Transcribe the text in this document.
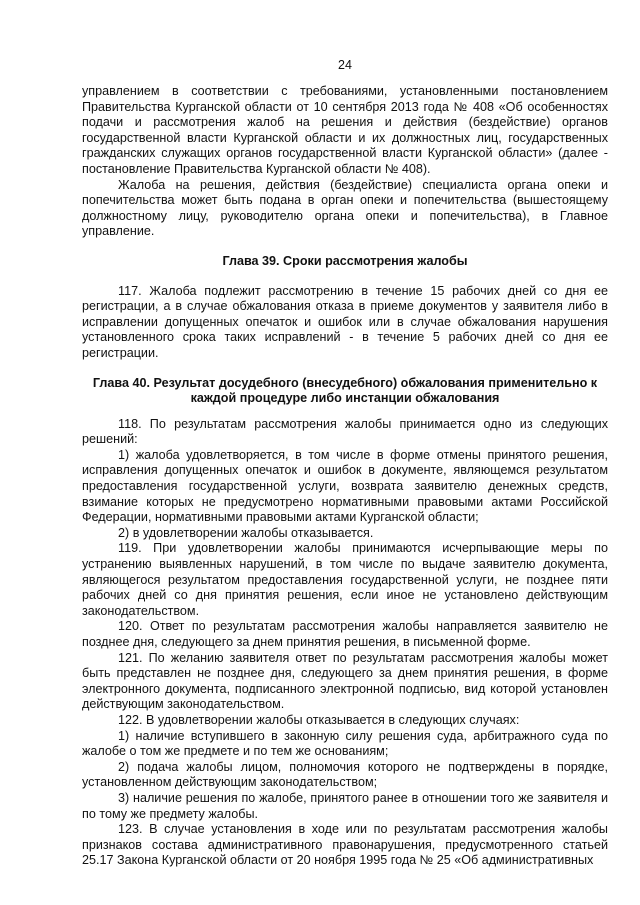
24

управлением в соответствии с требованиями, установленными постановлением Правительства Курганской области от 10 сентября 2013 года № 408 «Об особенностях подачи и рассмотрения жалоб на решения и действия (бездействие) органов государственной власти Курганской области и их должностных лиц, государственных гражданских служащих органов государственной власти Курганской области» (далее - постановление Правительства Курганской области № 408).

Жалоба на решения, действия (бездействие) специалиста органа опеки и попечительства может быть подана в орган опеки и попечительства (вышестоящему должностному лицу, руководителю органа опеки и попечительства), в Главное управление.

Глава 39. Сроки рассмотрения жалобы

117. Жалоба подлежит рассмотрению в течение 15 рабочих дней со дня ее регистрации, а в случае обжалования отказа в приеме документов у заявителя либо в исправлении допущенных опечаток и ошибок или в случае обжалования нарушения установленного срока таких исправлений - в течение 5 рабочих дней со дня ее регистрации.

Глава 40. Результат досудебного (внесудебного) обжалования применительно к каждой процедуре либо инстанции обжалования

118. По результатам рассмотрения жалобы принимается одно из следующих решений:

1) жалоба удовлетворяется, в том числе в форме отмены принятого решения, исправления допущенных опечаток и ошибок в документе, являющемся результатом предоставления государственной услуги, возврата заявителю денежных средств, взимание которых не предусмотрено нормативными правовыми актами Российской Федерации, нормативными правовыми актами Курганской области;

2) в удовлетворении жалобы отказывается.

119. При удовлетворении жалобы принимаются исчерпывающие меры по устранению выявленных нарушений, в том числе по выдаче заявителю документа, являющегося результатом предоставления государственной услуги, не позднее пяти рабочих дней со дня принятия решения, если иное не установлено действующим законодательством.

120. Ответ по результатам рассмотрения жалобы направляется заявителю не позднее дня, следующего за днем принятия решения, в письменной форме.

121. По желанию заявителя ответ по результатам рассмотрения жалобы может быть представлен не позднее дня, следующего за днем принятия решения, в форме электронного документа, подписанного электронной подписью, вид которой установлен действующим законодательством.

122. В удовлетворении жалобы отказывается в следующих случаях:

1) наличие вступившего в законную силу решения суда, арбитражного суда по жалобе о том же предмете и по тем же основаниям;

2) подача жалобы лицом, полномочия которого не подтверждены в порядке, установленном действующим законодательством;

3) наличие решения по жалобе, принятого ранее в отношении того же заявителя и по тому же предмету жалобы.

123. В случае установления в ходе или по результатам рассмотрения жалобы признаков состава административного правонарушения, предусмотренного статьей 25.17 Закона Курганской области от 20 ноября 1995 года № 25 «Об административных
